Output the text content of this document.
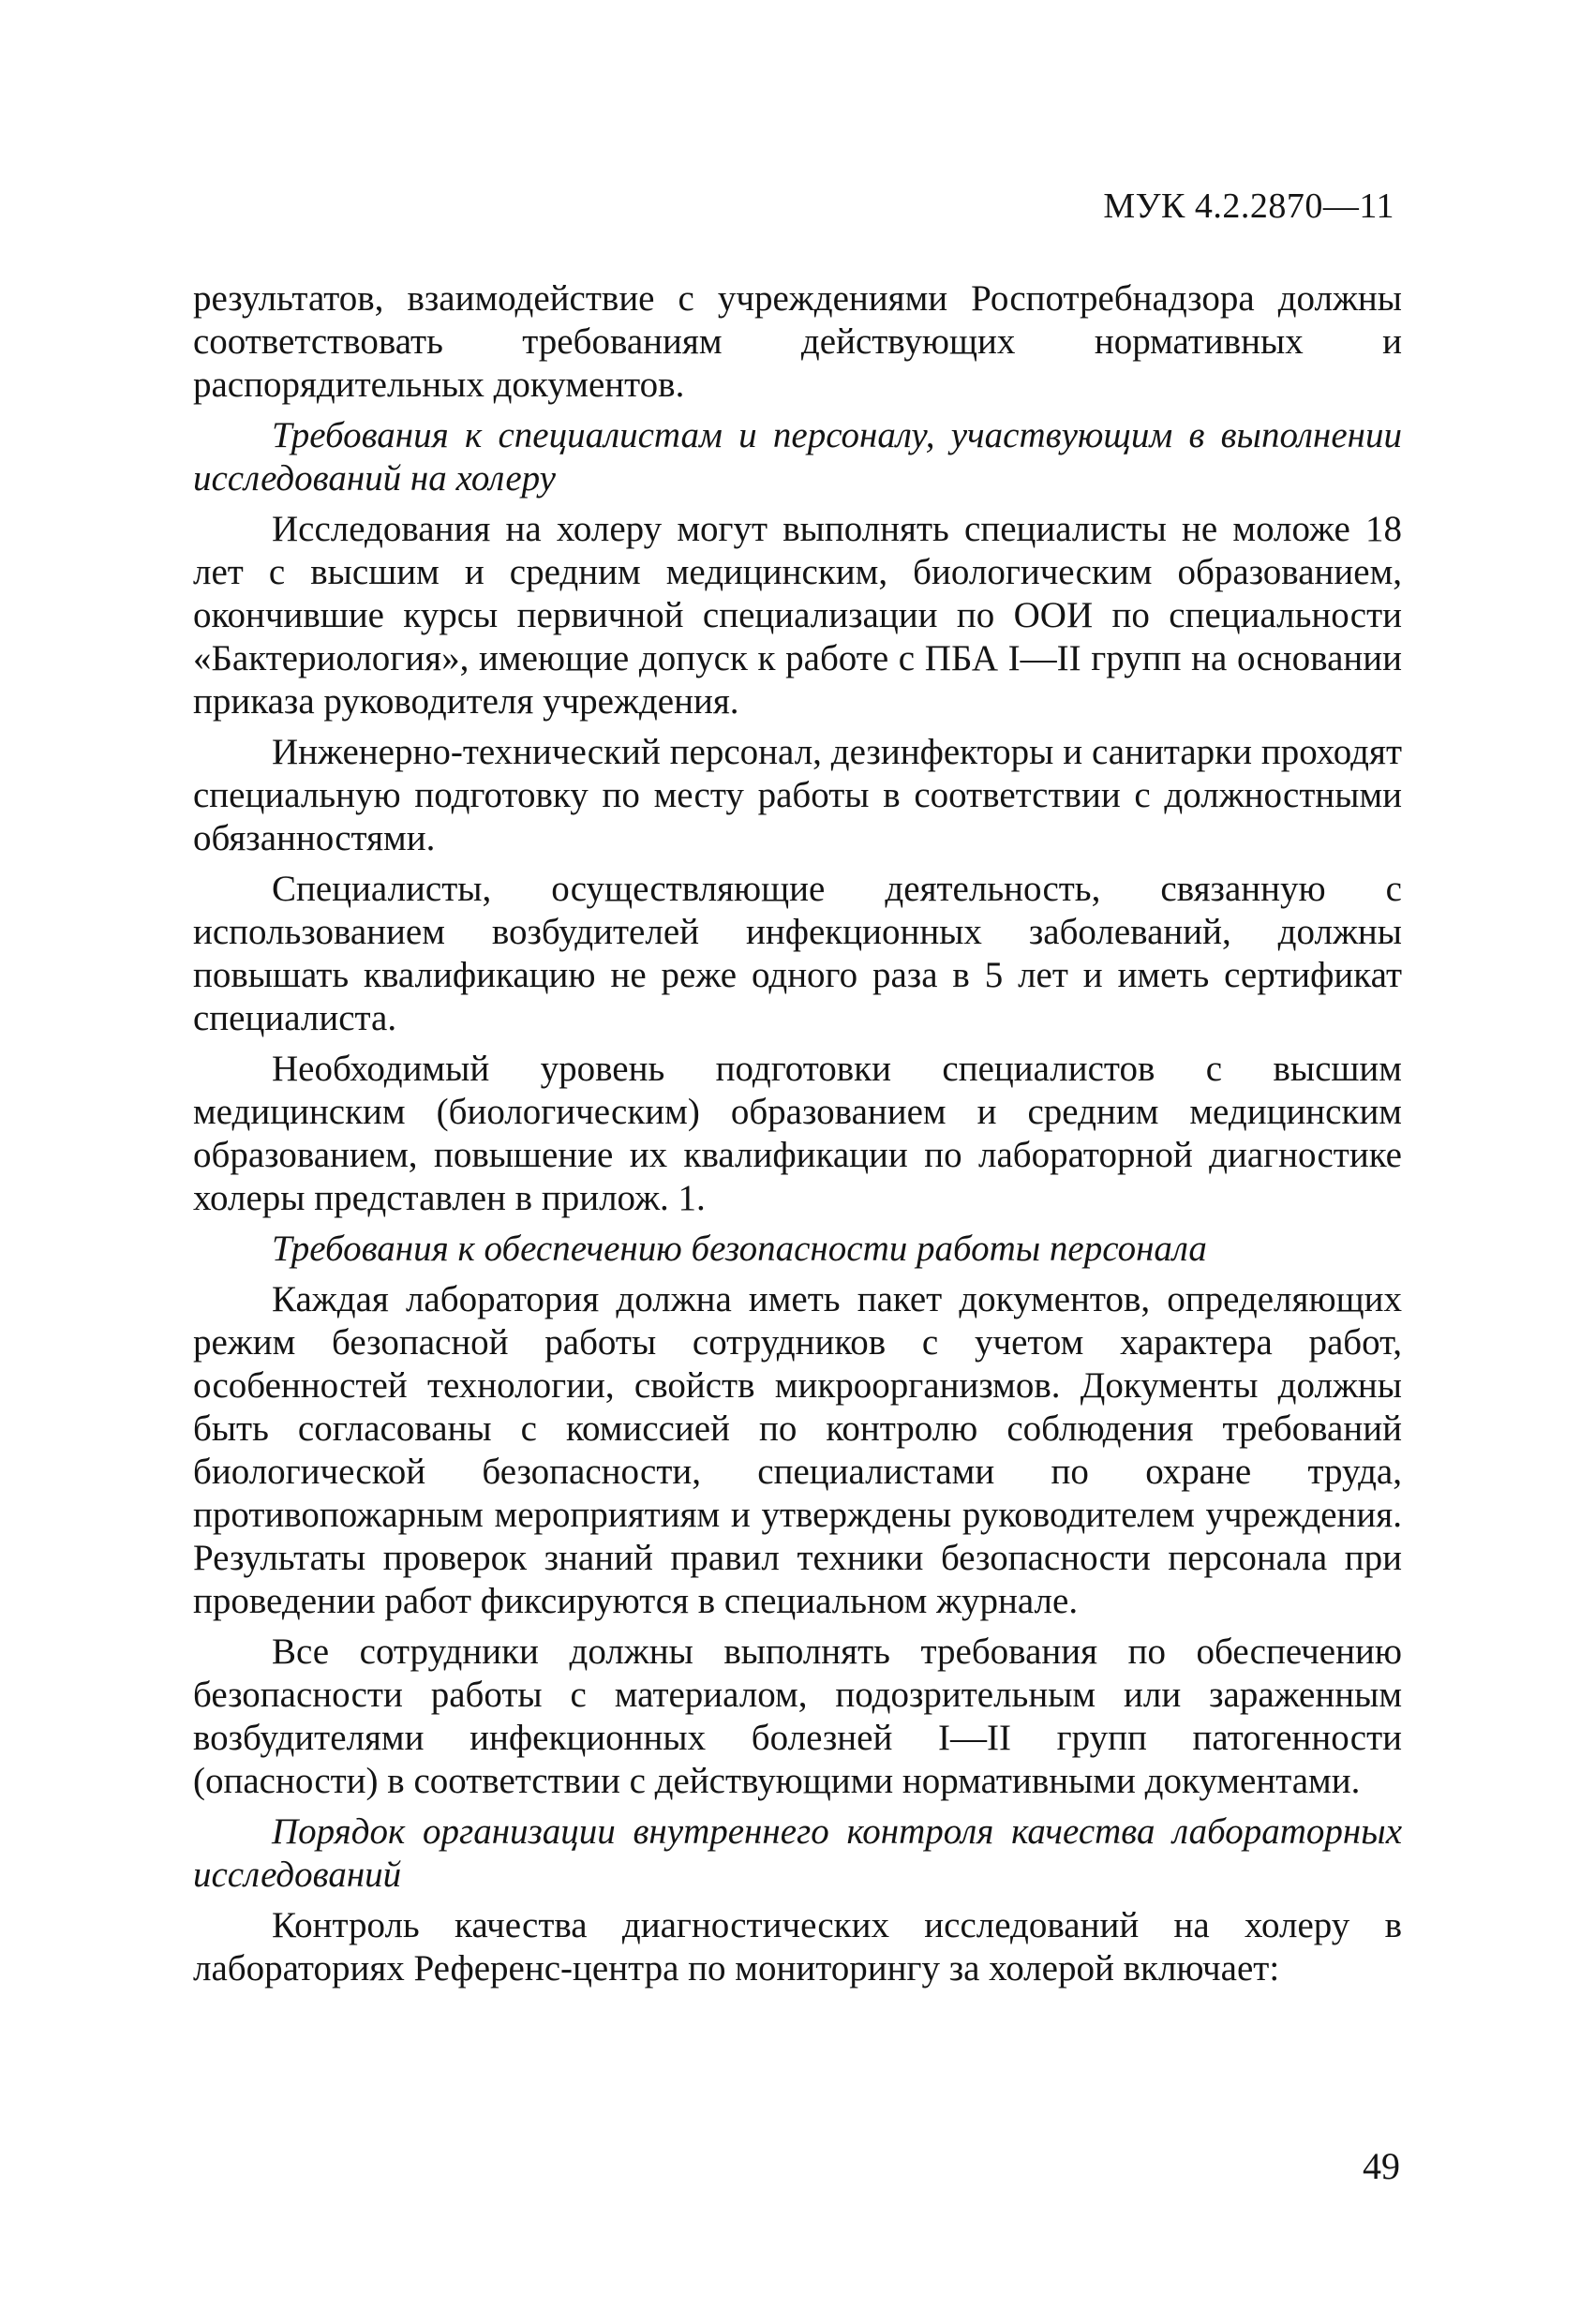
МУК 4.2.2870—11

результатов, взаимодействие с учреждениями Роспотребнадзора должны соответствовать требованиям действующих нормативных и распорядительных документов.

Требования к специалистам и персоналу, участвующим в выполнении исследований на холеру

Исследования на холеру могут выполнять специалисты не моложе 18 лет с высшим и средним медицинским, биологическим образованием, окончившие курсы первичной специализации по ООИ по специальности «Бактериология», имеющие допуск к работе с ПБА I—II групп на основании приказа руководителя учреждения.

Инженерно-технический персонал, дезинфекторы и санитарки проходят специальную подготовку по месту работы в соответствии с должностными обязанностями.

Специалисты, осуществляющие деятельность, связанную с использованием возбудителей инфекционных заболеваний, должны повышать квалификацию не реже одного раза в 5 лет и иметь сертификат специалиста.

Необходимый уровень подготовки специалистов с высшим медицинским (биологическим) образованием и средним медицинским образованием, повышение их квалификации по лабораторной диагностике холеры представлен в прилож. 1.

Требования к обеспечению безопасности работы персонала

Каждая лаборатория должна иметь пакет документов, определяющих режим безопасной работы сотрудников с учетом характера работ, особенностей технологии, свойств микроорганизмов. Документы должны быть согласованы с комиссией по контролю соблюдения требований биологической безопасности, специалистами по охране труда, противопожарным мероприятиям и утверждены руководителем учреждения. Результаты проверок знаний правил техники безопасности персонала при проведении работ фиксируются в специальном журнале.

Все сотрудники должны выполнять требования по обеспечению безопасности работы с материалом, подозрительным или зараженным возбудителями инфекционных болезней I—II групп патогенности (опасности) в соответствии с действующими нормативными документами.

Порядок организации внутреннего контроля качества лабораторных исследований

Контроль качества диагностических исследований на холеру в лабораториях Референс-центра по мониторингу за холерой включает:

49
